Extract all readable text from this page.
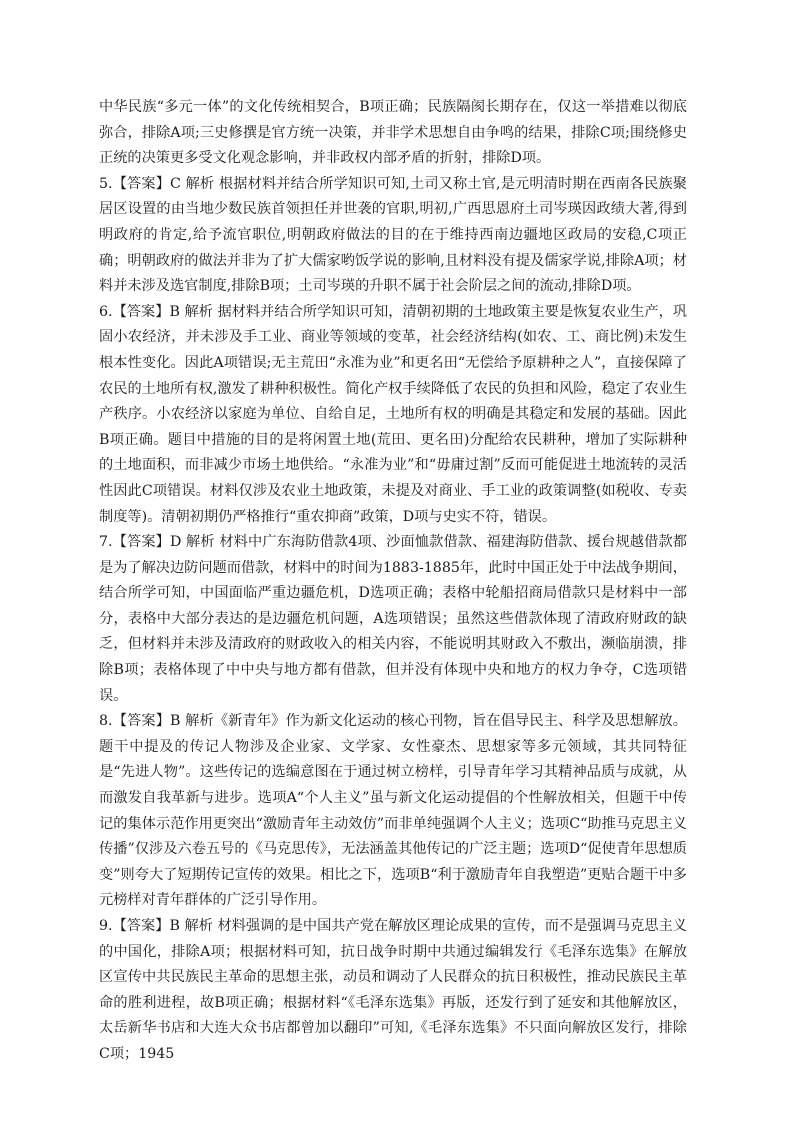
中华民族“多元一体”的文化传统相契合，B项正确；民族隔阂长期存在，仅这一举措难以彻底弥合，排除A项;三史修撰是官方统一决策，并非学术思想自由争鸣的结果，排除C项;围绕修史正统的决策更多受文化观念影响，并非政权内部矛盾的折射，排除D项。

5.【答案】C 解析 根据材料并结合所学知识可知,土司又称土官,是元明清时期在西南各民族聚居区设置的由当地少数民族首领担任并世袭的官职,明初,广西思恩府土司岑瑛因政绩大著,得到明政府的肯定,给予流官职位,明朝政府做法的目的在于维持西南边疆地区政局的安稳,C项正确；明朝政府的做法并非为了扩大儒家哟饭学说的影响,且材料没有提及儒家学说,排除A项；材料并未涉及选官制度,排除B项；土司岑瑛的升职不属于社会阶层之间的流动,排除D项。

6.【答案】B 解析 据材料并结合所学知识可知，清朝初期的土地政策主要是恢复农业生产，巩固小农经济，并未涉及手工业、商业等领域的变革，社会经济结构(如农、工、商比例)未发生根本性变化。因此A项错误;无主荒田“永准为业”和更名田“无偿给予原耕种之人”，直接保障了农民的土地所有权,激发了耕种积极性。简化产权手续降低了农民的负担和风险，稳定了农业生产秩序。小农经济以家庭为单位、自给自足，土地所有权的明确是其稳定和发展的基础。因此B项正确。题目中措施的目的是将闲置土地(荒田、更名田)分配给农民耕种，增加了实际耕种的土地面积，而非减少市场土地供给。“永准为业”和“毋庸过割”反而可能促进土地流转的灵活性因此C项错误。材料仅涉及农业土地政策，未提及对商业、手工业的政策调整(如税收、专卖制度等)。清朝初期仍严格推行“重农抑商”政策，D项与史实不符，错误。

7.【答案】D 解析 材料中广东海防借款4项、沙面恤款借款、福建海防借款、援台规越借款都是为了解决边防问题而借款，材料中的时间为1883-1885年，此时中国正处于中法战争期间，结合所学可知，中国面临严重边疆危机，D选项正确；表格中轮船招商局借款只是材料中一部分，表格中大部分表达的是边疆危机问题，A选项错误；虽然这些借款体现了清政府财政的缺乏，但材料并未涉及清政府的财政收入的相关内容，不能说明其财政入不敷出，濒临崩溃，排除B项；表格体现了中中央与地方都有借款，但并没有体现中央和地方的权力争夺，C选项错误。

8.【答案】B 解析《新青年》作为新文化运动的核心刊物，旨在倡导民主、科学及思想解放。题干中提及的传记人物涉及企业家、文学家、女性豪杰、思想家等多元领域，其共同特征是“先进人物”。这些传记的选编意图在于通过树立榜样，引导青年学习其精神品质与成就，从而激发自我革新与进步。选项A“个人主义”虽与新文化运动提倡的个性解放相关，但题干中传记的集体示范作用更突出“激励青年主动效仿”而非单纯强调个人主义；选项C“助推马克思主义传播”仅涉及六卷五号的《马克思传》，无法涵盖其他传记的广泛主题；选项D“促使青年思想质变”则夸大了短期传记宣传的效果。相比之下，选项B“利于激励青年自我塑造”更贴合题干中多元榜样对青年群体的广泛引导作用。

9.【答案】B 解析 材料强调的是中国共产党在解放区理论成果的宣传，而不是强调马克思主义的中国化，排除A项；根据材料可知，抗日战争时期中共通过编辑发行《毛泽东选集》在解放区宣传中共民族民主革命的思想主张，动员和调动了人民群众的抗日积极性，推动民族民主革命的胜利进程，故B项正确；根据材料“《毛泽东选集》再版，还发行到了延安和其他解放区，太岳新华书店和大连大众书店都曾加以翻印”可知,《毛泽东选集》不只面向解放区发行，排除C项；1945
